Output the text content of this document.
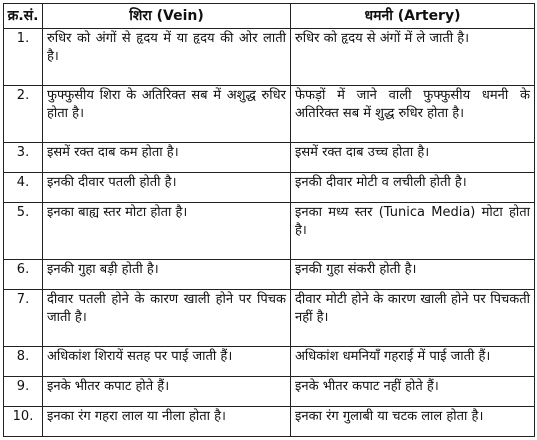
क्र.सं.	शिरा (Vein)	धमनी (Artery)
1.	रुधिर को अंगों से हृदय में या हृदय की ओर लाती है।	रुधिर को हृदय से अंगों में ले जाती है।
2.	फुफ्फुसीय शिरा के अतिरिक्त सब में अशुद्ध रुधिर होता है।	फेफड़ों में जाने वाली फुफ्फुसीय धमनी के अतिरिक्त सब में शुद्ध रुधिर होता है।
3.	इसमें रक्त दाब कम होता है।	इसमें रक्त दाब उच्च होता है।
4.	इनकी दीवार पतली होती है।	इनकी दीवार मोटी व लचीली होती है।
5.	इनका बाह्य स्तर मोटा होता है।	इनका मध्य स्तर (Tunica Media) मोटा होता है।
6.	इनकी गुहा बड़ी होती है।	इनकी गुहा संकरी होती है।
7.	दीवार पतली होने के कारण खाली होने पर पिचक जाती है।	दीवार मोटी होने के कारण खाली होने पर पिचकती नहीं है।
8.	अधिकांश शिरायें सतह पर पाई जाती हैं।	अधिकांश धमनियाँ गहराई में पाई जाती हैं।
9.	इनके भीतर कपाट होते हैं।	इनके भीतर कपाट नहीं होते हैं।
10.	इनका रंग गहरा लाल या नीला होता है।	इनका रंग गुलाबी या चटक लाल होता है।
